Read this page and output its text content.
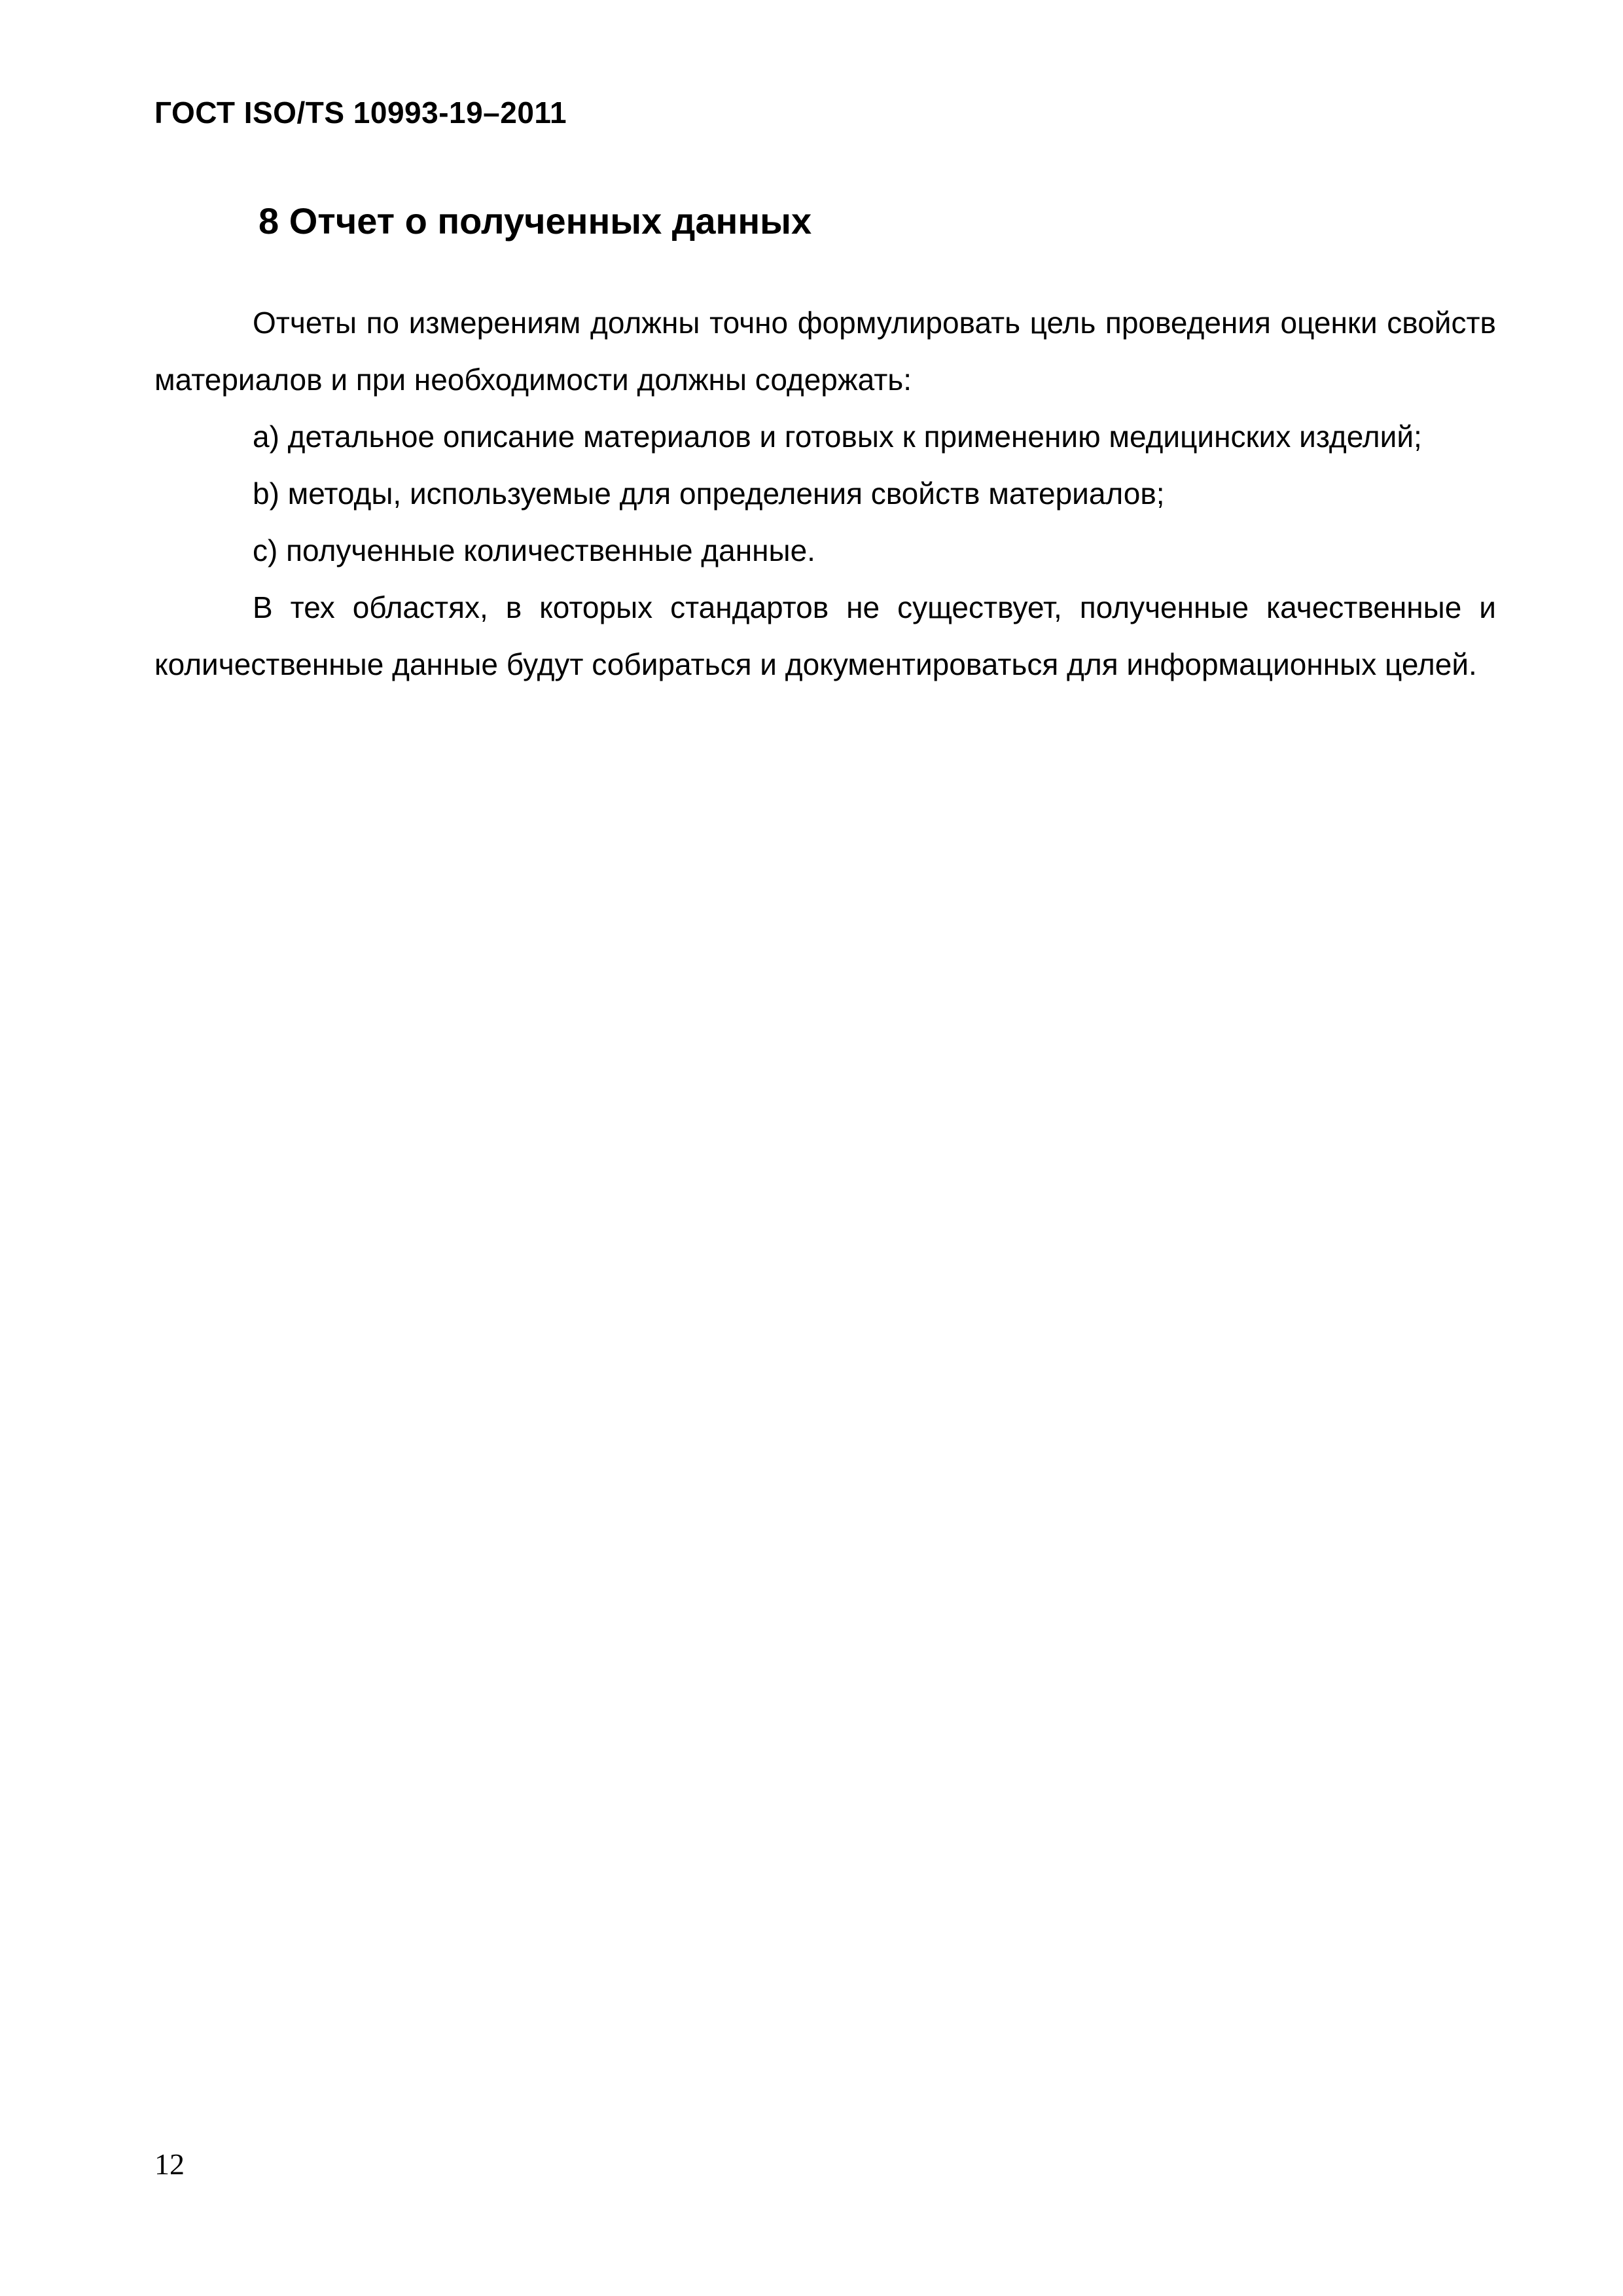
ГОСТ ISO/TS 10993-19–2011
8 Отчет о полученных данных

Отчеты по измерениям должны точно формулировать цель проведения оценки свойств материалов и при необходимости должны содержать:

a) детальное описание материалов и готовых к применению медицинских изделий;

b) методы, используемые для определения свойств материалов;

c) полученные количественные данные.

В тех областях, в которых стандартов не существует, полученные качественные и количественные данные будут собираться и документироваться для информационных целей.

12
